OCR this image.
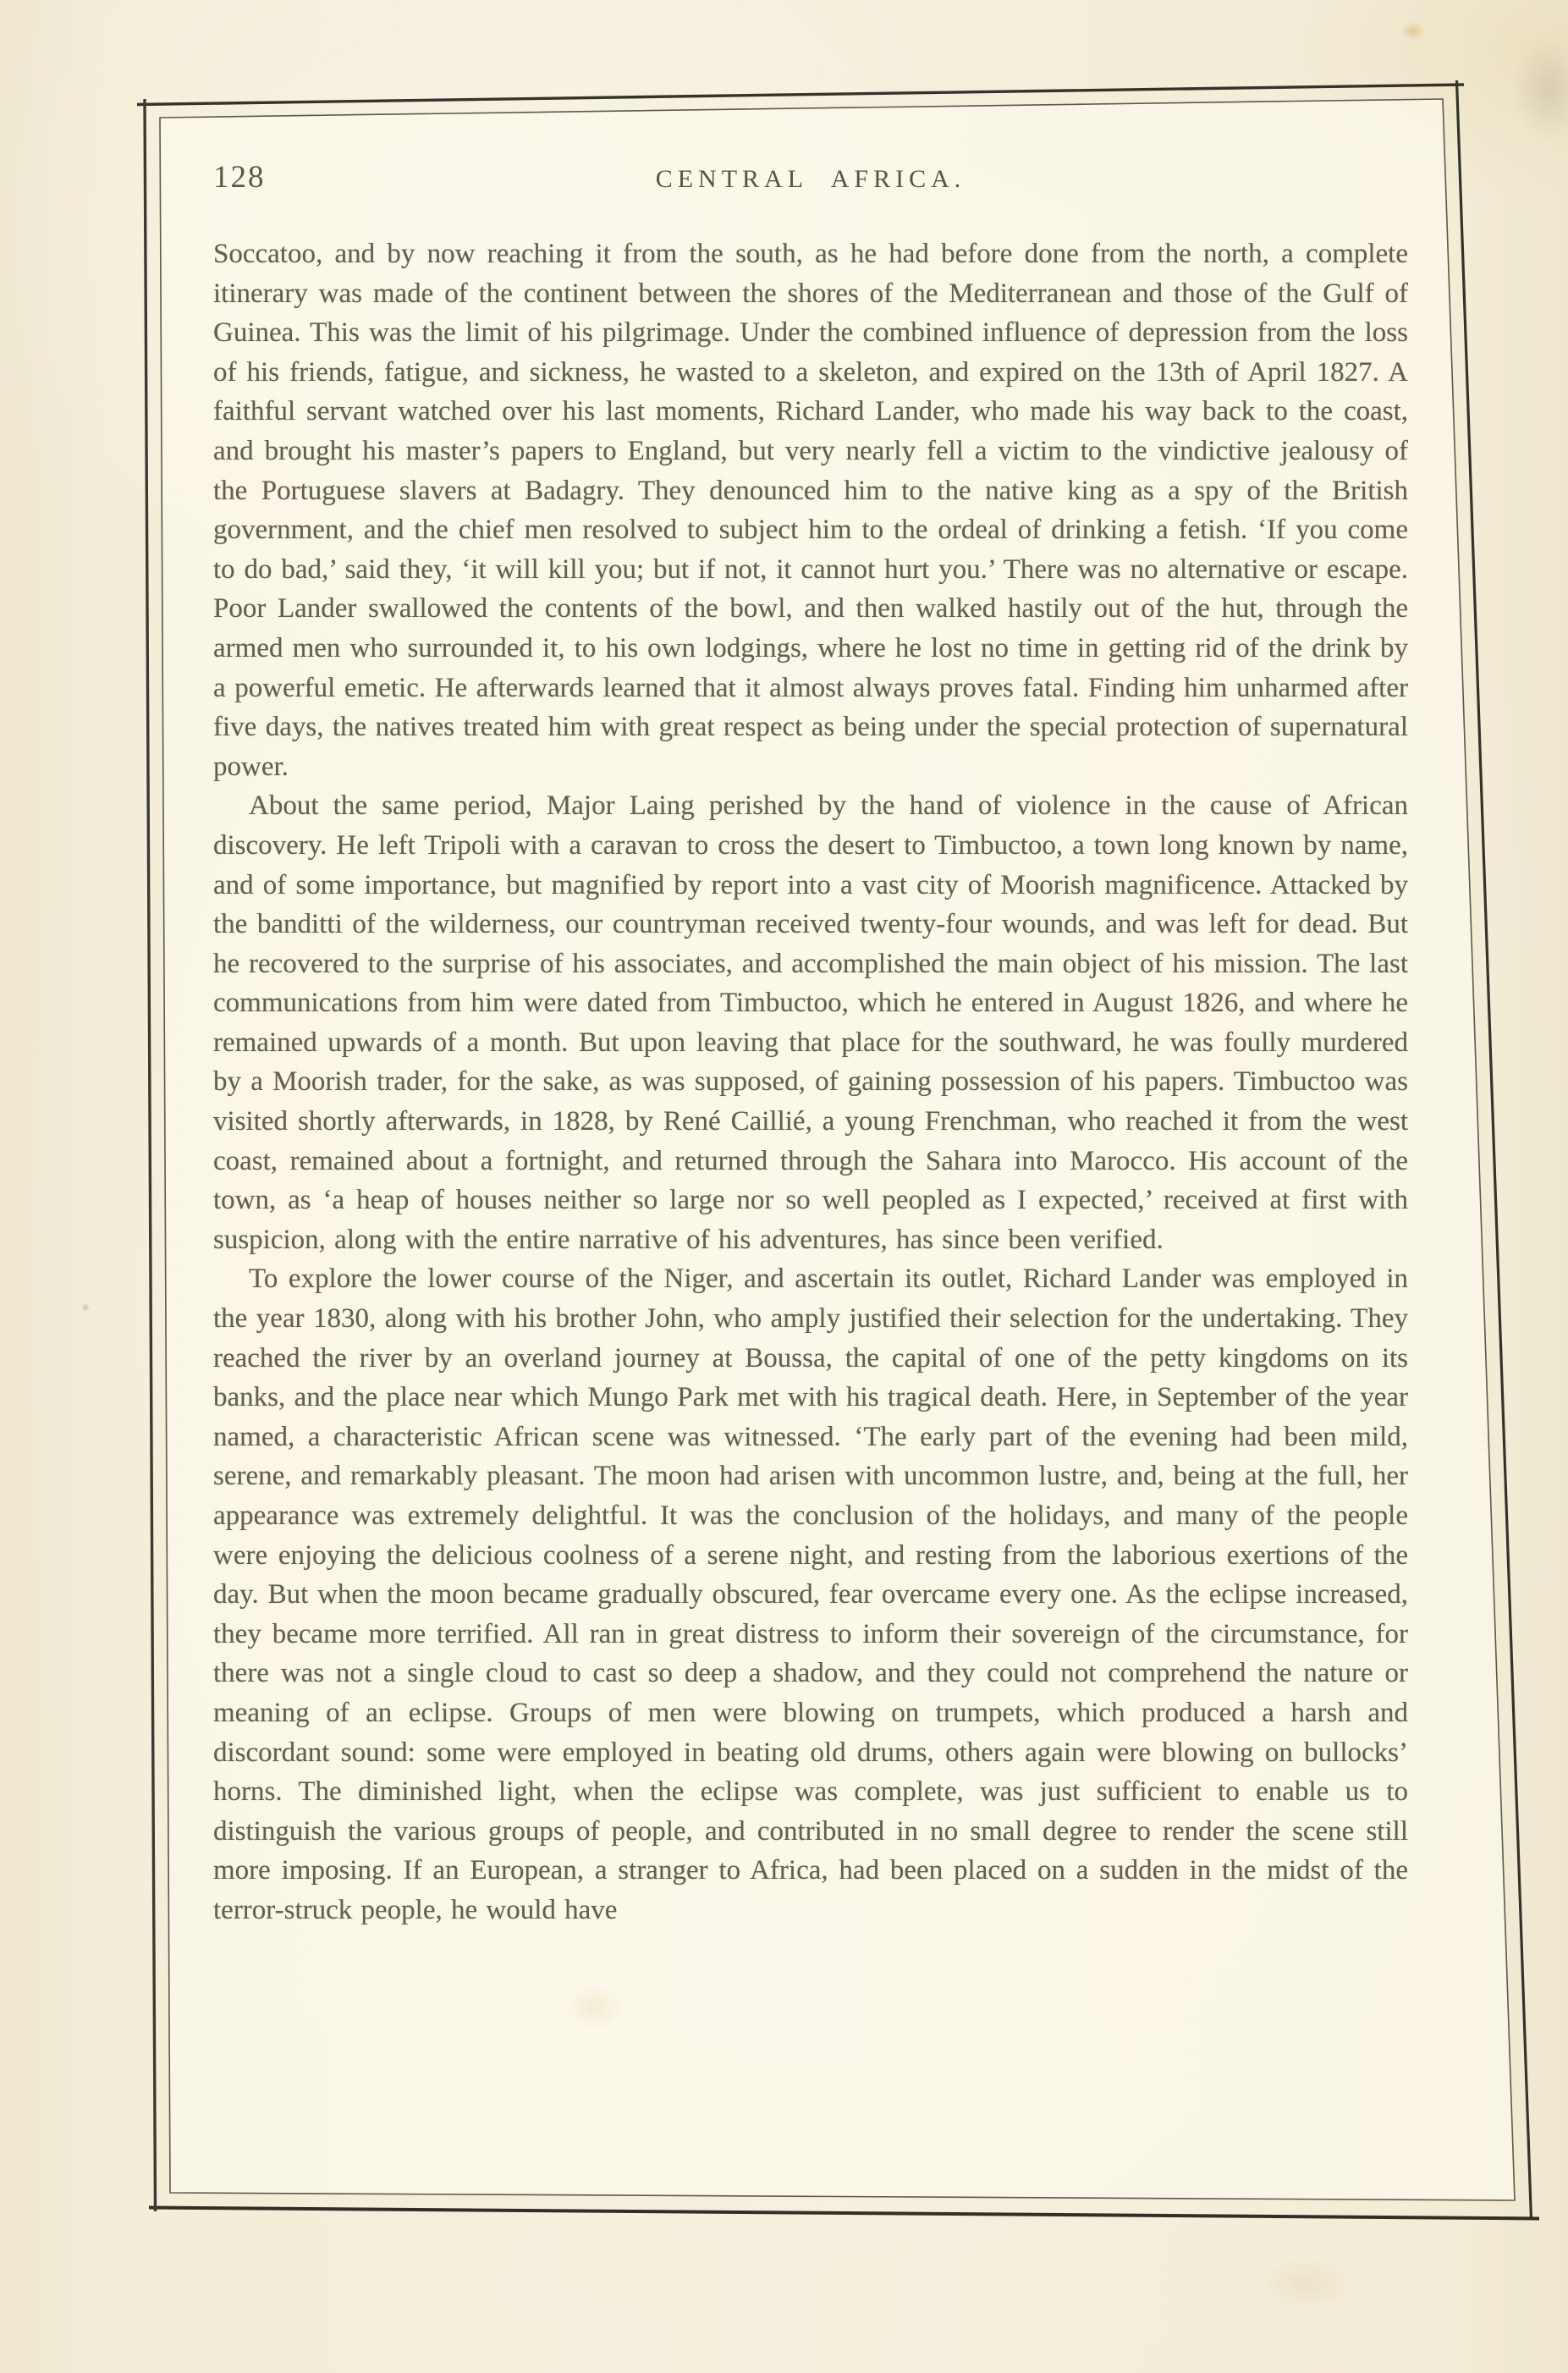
128	CENTRAL AFRICA.

Soccatoo, and by now reaching it from the south, as he had before done from the north, a complete itinerary was made of the continent between the shores of the Mediterranean and those of the Gulf of Guinea. This was the limit of his pilgrimage. Under the combined influence of depression from the loss of his friends, fatigue, and sickness, he wasted to a skeleton, and expired on the 13th of April 1827. A faithful servant watched over his last moments, Richard Lander, who made his way back to the coast, and brought his master’s papers to England, but very nearly fell a victim to the vindictive jealousy of the Portuguese slavers at Badagry. They denounced him to the native king as a spy of the British government, and the chief men resolved to subject him to the ordeal of drinking a fetish. ‘If you come to do bad,’ said they, ‘it will kill you; but if not, it cannot hurt you.’ There was no alternative or escape. Poor Lander swallowed the contents of the bowl, and then walked hastily out of the hut, through the armed men who surrounded it, to his own lodgings, where he lost no time in getting rid of the drink by a powerful emetic. He afterwards learned that it almost always proves fatal. Finding him unharmed after five days, the natives treated him with great respect as being under the special protection of supernatural power.

About the same period, Major Laing perished by the hand of violence in the cause of African discovery. He left Tripoli with a caravan to cross the desert to Timbuctoo, a town long known by name, and of some importance, but magnified by report into a vast city of Moorish magnificence. Attacked by the banditti of the wilderness, our countryman received twenty-four wounds, and was left for dead. But he recovered to the surprise of his associates, and accomplished the main object of his mission. The last communications from him were dated from Timbuctoo, which he entered in August 1826, and where he remained upwards of a month. But upon leaving that place for the southward, he was foully murdered by a Moorish trader, for the sake, as was supposed, of gaining possession of his papers. Timbuctoo was visited shortly afterwards, in 1828, by René Caillié, a young Frenchman, who reached it from the west coast, remained about a fortnight, and returned through the Sahara into Marocco. His account of the town, as ‘a heap of houses neither so large nor so well peopled as I expected,’ received at first with suspicion, along with the entire narrative of his adventures, has since been verified.

To explore the lower course of the Niger, and ascertain its outlet, Richard Lander was employed in the year 1830, along with his brother John, who amply justified their selection for the undertaking. They reached the river by an overland journey at Boussa, the capital of one of the petty kingdoms on its banks, and the place near which Mungo Park met with his tragical death. Here, in September of the year named, a characteristic African scene was witnessed. ‘The early part of the evening had been mild, serene, and remarkably pleasant. The moon had arisen with uncommon lustre, and, being at the full, her appearance was extremely delightful. It was the conclusion of the holidays, and many of the people were enjoying the delicious coolness of a serene night, and resting from the laborious exertions of the day. But when the moon became gradually obscured, fear overcame every one. As the eclipse increased, they became more terrified. All ran in great distress to inform their sovereign of the circumstance, for there was not a single cloud to cast so deep a shadow, and they could not comprehend the nature or meaning of an eclipse. Groups of men were blowing on trumpets, which produced a harsh and discordant sound: some were employed in beating old drums, others again were blowing on bullocks’ horns. The diminished light, when the eclipse was complete, was just sufficient to enable us to distinguish the various groups of people, and contributed in no small degree to render the scene still more imposing. If an European, a stranger to Africa, had been placed on a sudden in the midst of the terror-struck people, he would have
